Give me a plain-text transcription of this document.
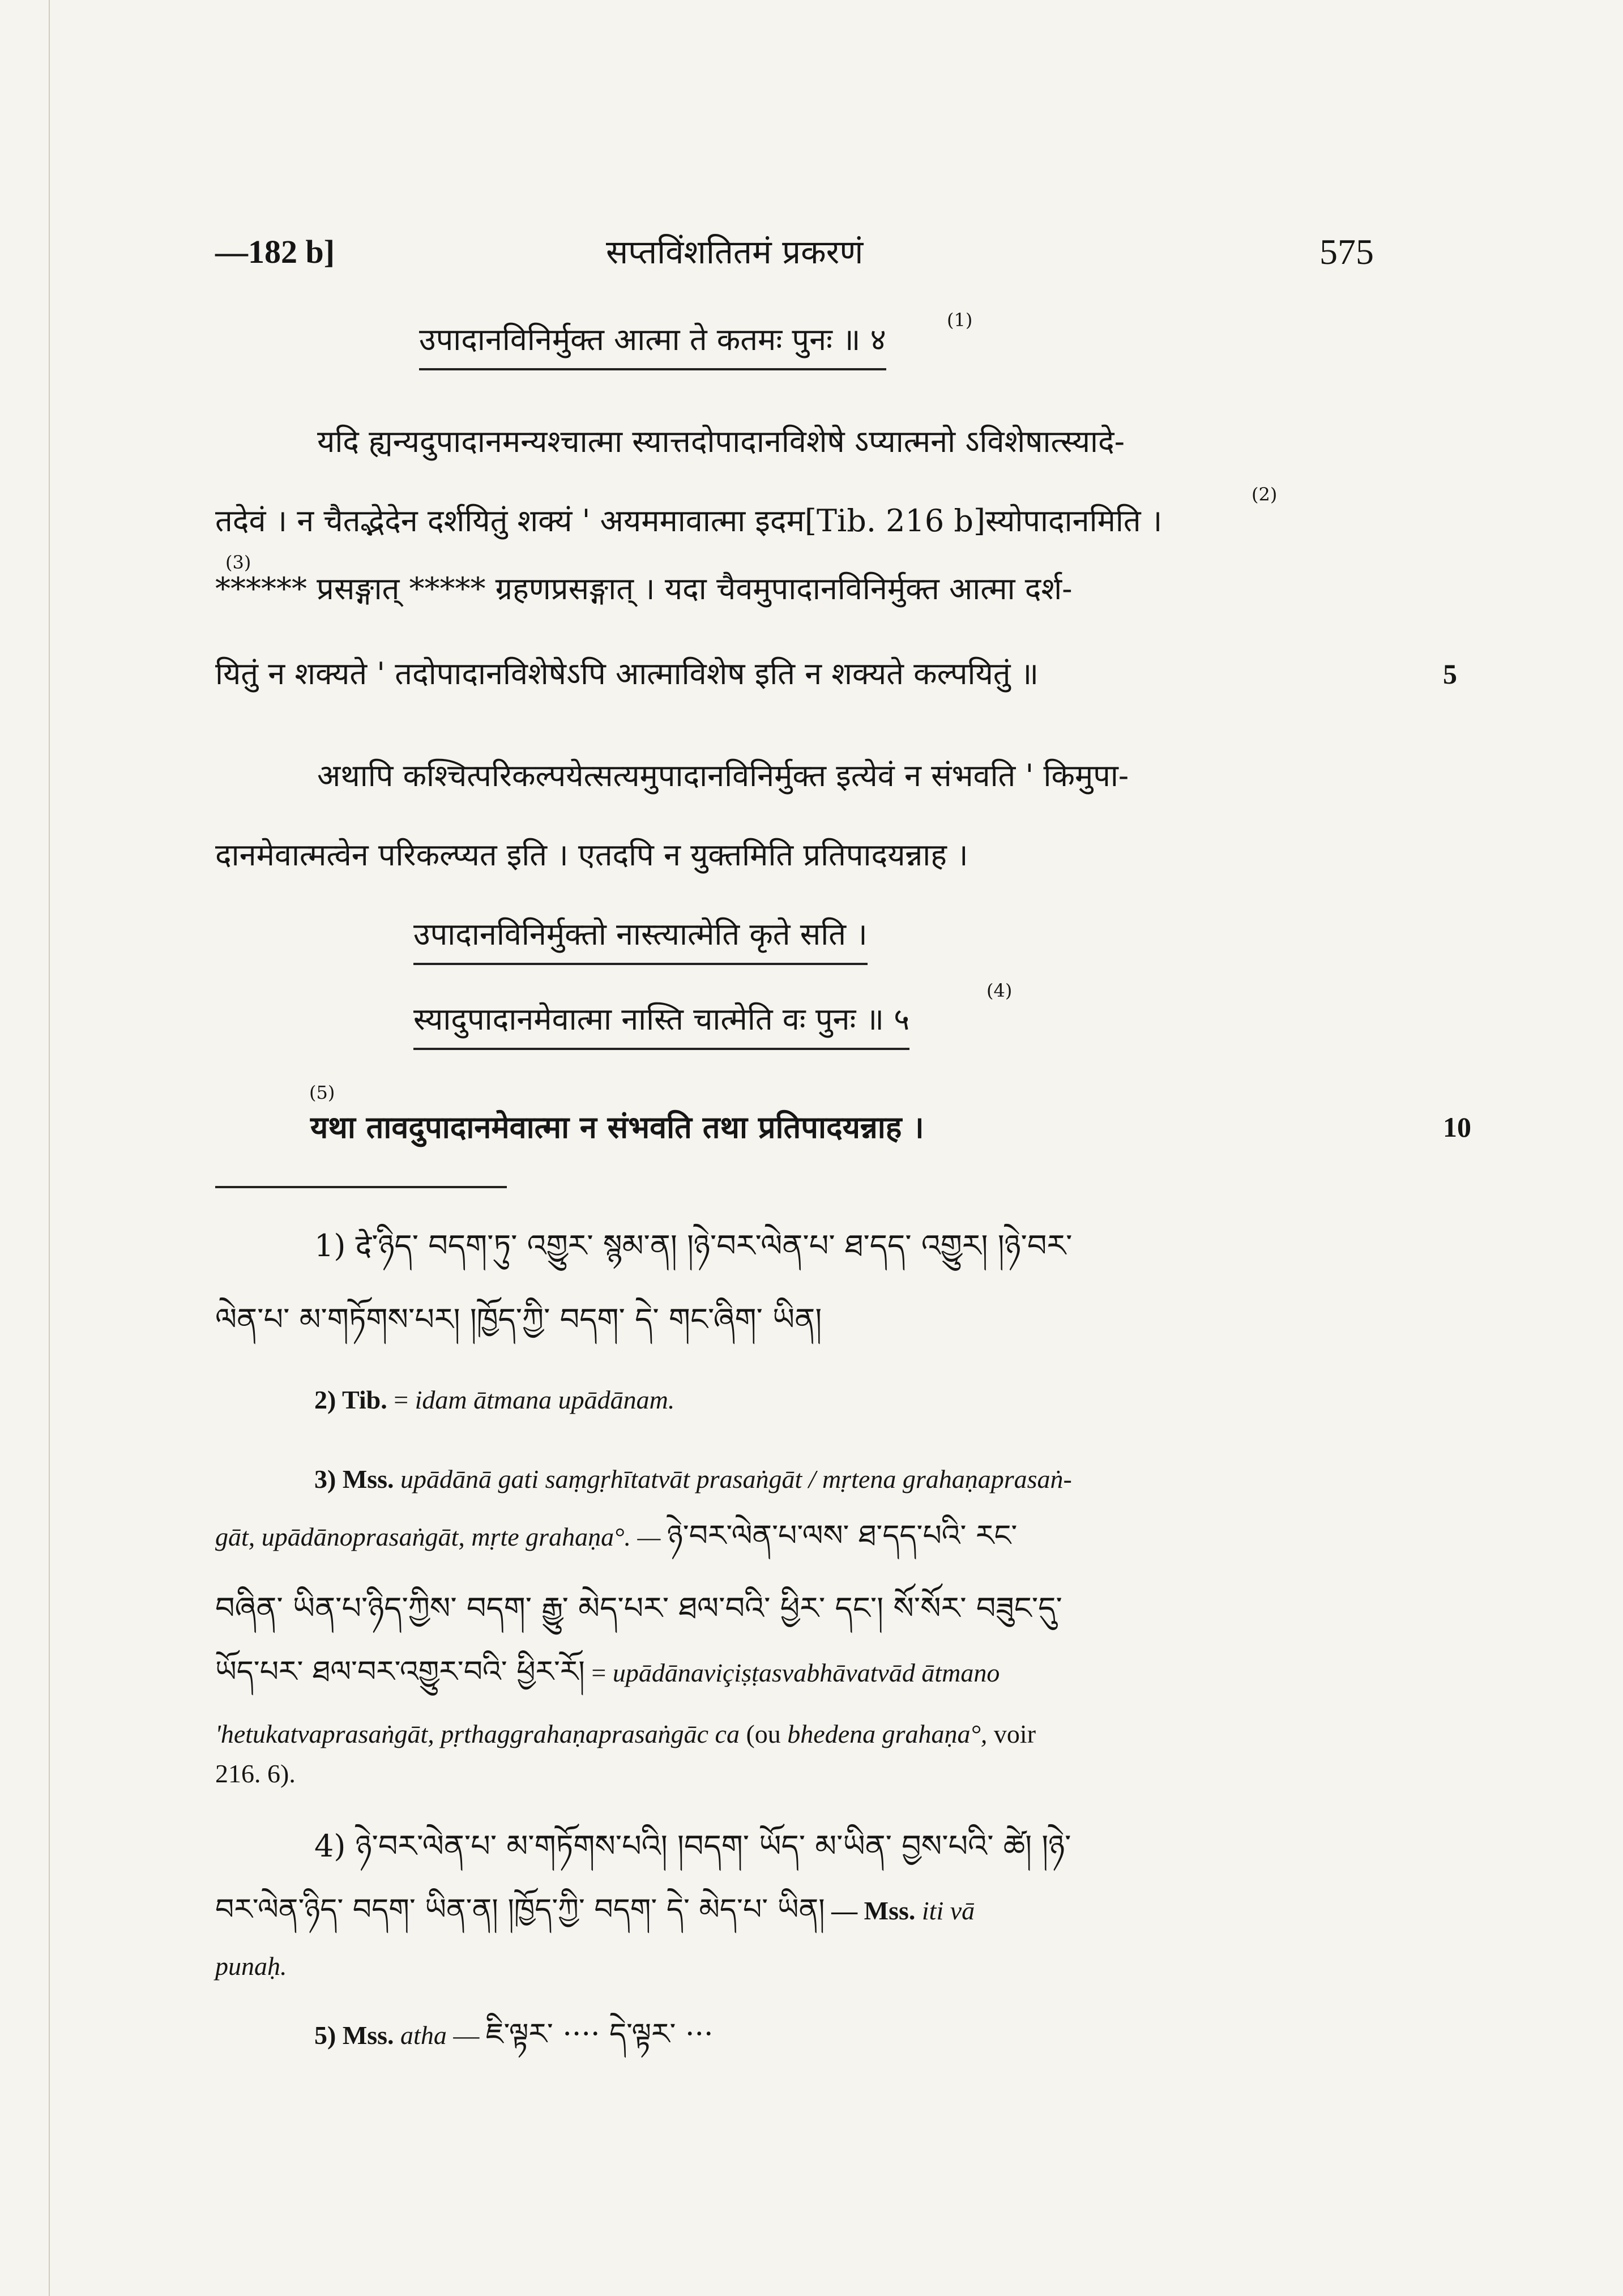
—182 b]	सप्तविंशतितमं प्रकरणं	575
(1)
उपादानविनिर्मुक्त आत्मा ते कतमः पुनः ॥ ४
यदि ह्यन्यदुपादानमन्यश्चात्मा स्यात्तदोपादानविशेषे ऽप्यात्मनो ऽविशेषात्स्यादे-
(2)
तदेवं । न चैतद्भेदेन दर्शयितुं शक्यं ' अयममावात्मा इदम[Tib. 216 b]स्योपादानमिति ।
(3)
****** प्रसङ्गात् ***** ग्रहणप्रसङ्गात् । यदा चैवमुपादानविनिर्मुक्त आत्मा दर्श-
यितुं न शक्यते ' तदोपादानविशेषेऽपि आत्माविशेष इति न शक्यते कल्पयितुं ॥	5
अथापि कश्चित्परिकल्पयेत्सत्यमुपादानविनिर्मुक्त इत्येवं न संभवति ' किमुपा-
दानमेवात्मत्वेन परिकल्प्यत इति । एतदपि न युक्तमिति प्रतिपादयन्नाह ।
उपादानविनिर्मुक्तो नास्त्यात्मेति कृते सति ।
(4)
स्यादुपादानमेवात्मा नास्ति चात्मेति वः पुनः ॥ ५
(5)
यथा तावदुपादानमेवात्मा न संभवति तथा प्रतिपादयन्नाह ।	10
1) दे་ཉིད་ བདག་ཏུ་ འགྱུར་ སྙམ་ན། །ཉེ་བར་ལེན་པ་ ཐ་དད་ འགྱུར། །ཉེ་བར་
ལེན་པ་ མ་གཏོགས་པར། །ཁྱོད་ཀྱི་ བདག་ དེ་ གང་ཞིག་ ཡིན།
2) Tib. = idam ātmana upādānam.
3) Mss. upādānā gati saṃgṛhītatvāt prasaṅgāt / mṛtena grahaṇaprasaṅ-
gāt, upādānoprasaṅgāt, mṛte grahaṇa°. — ཉེ་བར་ལེན་པ་ལས་ ཐ་དད་པའི་ རང་
བཞིན་ ཡིན་པ་ཉིད་ཀྱིས་ བདག་ རྒྱུ་ མེད་པར་ ཐལ་བའི་ ཕྱིར་ དང་། སོ་སོར་ བཟུང་དུ་
ཡོད་པར་ ཐལ་བར་འགྱུར་བའི་ ཕྱིར་རོ། = upādānaviçiṣṭasvabhāvatvād ātmano
'hetukatvaprasaṅgāt, pṛthaggrahaṇaprasaṅgāc ca (ou bhedena grahaṇa°, voir
216. 6).
4) ཉེ་བར་ལེན་པ་ མ་གཏོགས་པའི། །བདག་ ཡོད་ མ་ཡིན་ བྱས་པའི་ ཚེ། །ཉེ་
བར་ལེན་ཉིད་ བདག་ ཡིན་ན། །ཁྱོད་ཀྱི་ བདག་ དེ་ མེད་པ་ ཡིན། — Mss. iti vā
punaḥ.
5) Mss. atha — ཇི་ལྟར་ ···· དེ་ལྟར་ ···
